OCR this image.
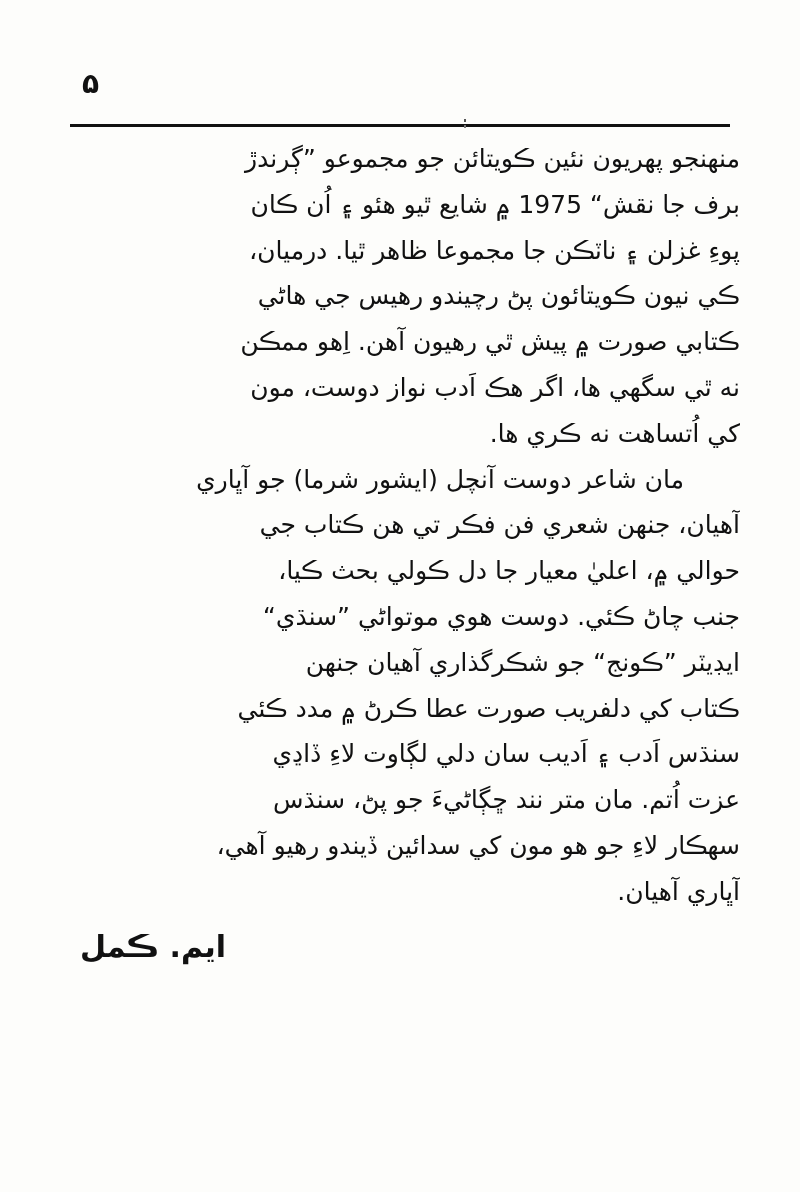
۵
منهنجو پهريون نئين ڪويتائن جو مجموعو ”ڳرندڙ
برف جا نقش“ 1975 ۾ شايع ٿيو هئو ۽ اُن ڪان
پوءِ غزلن ۽ ناٽڪن جا مجموعا ظاهر ٿيا. درميان،
ڪي نيون ڪويتائون پڻ رچيندو رهيس جي هاڻي
ڪتابي صورت ۾ پيش ٿي رهيون آهن. اِهو ممڪن
نه ٿي سگهي ها، اگر هڪ اَدب نواز دوست، مون
کي اُتساهت نه ڪري ها.
مان شاعر دوست آنچل (ايشور شرما) جو آڀاري
آهيان، جنهن شعري فن فڪر تي هن ڪتاب جي
حوالي ۾، اعليٰ معيار جا دل ڪولي بحث ڪيا،
جنب چاڻ ڪئي. دوست هوي موتواڻي ”سنڌي“
ايڊيٽر ”ڪونج“ جو شڪرگذاري آهيان جنهن
ڪتاب کي دلفريب صورت عطا ڪرڻ ۾ مدد ڪئي
سنڌس اَدب ۽ اَديب سان دلي لڳاوت لاءِ ڏاڍي
عزت اُتم. مان متر نند ڇڳاڻيءَ جو پڻ، سنڌس
سهڪار لاءِ جو هو مون کي سدائين ڏيندو رهيو آهي،
آڀاري آهيان.
ايم. ڪمل
